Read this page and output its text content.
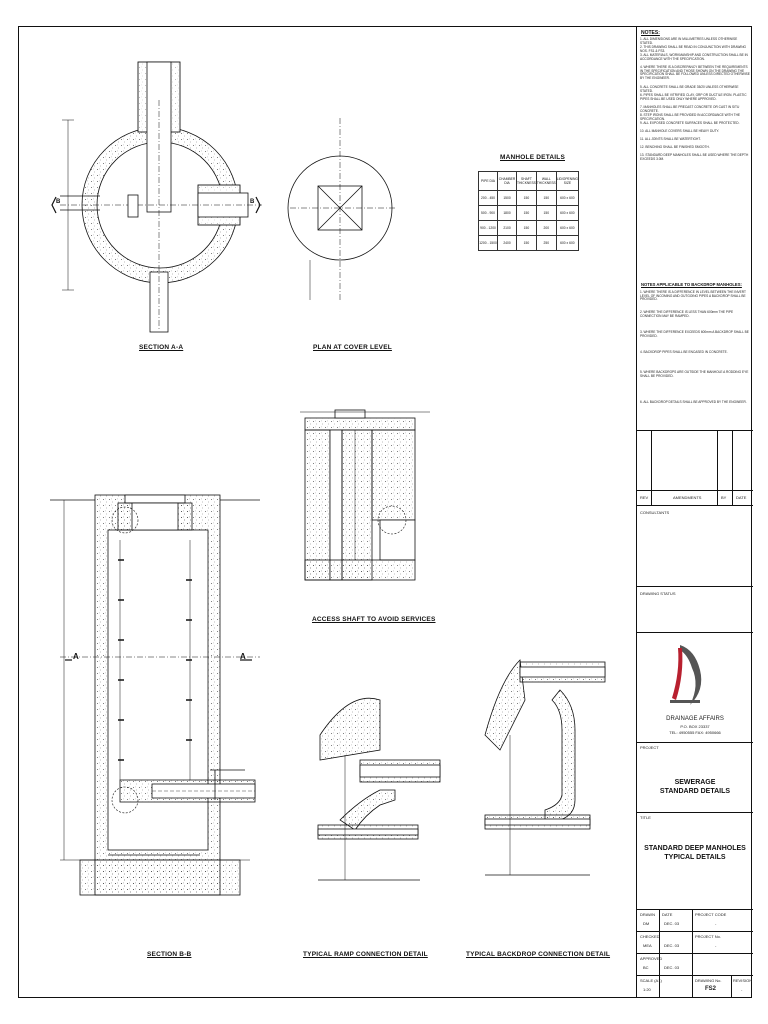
SECTION A-A	PLAN AT COVER LEVEL
MANHOLE DETAILS
ACCESS SHAFT TO AVOID SERVICES
SECTION B-B	TYPICAL RAMP CONNECTION DETAIL	TYPICAL BACKDROP CONNECTION DETAIL
A	A
B	B
PIPE DIA	CHAMBER DIA	SHAFT THICKNESS	WALL THICKNESS	LID/OPENING SIZE
200 - 450	1500	150	150	600 x 600
500 - 900	1800	150	150	600 x 600
900 - 1200	2100	150	200	600 x 600
1200 - 1500	2400	150	250	600 x 600
NOTES:
1. ALL DIMENSIONS ARE IN MILLIMETRES UNLESS OTHERWISE STATED.
2. THIS DRAWING SHALL BE READ IN CONJUNCTION WITH DRAWING NOS. FS1 & FS3.
3. ALL MATERIALS, WORKMANSHIP AND CONSTRUCTION SHALL BE IN ACCORDANCE WITH THE SPECIFICATION.
4. WHERE THERE IS A DISCREPANCY BETWEEN THE REQUIREMENTS IN THE SPECIFICATION AND THOSE SHOWN ON THE DRAWING THE SPECIFICATION SHALL BE FOLLOWED UNLESS DIRECTED OTHERWISE BY THE ENGINEER.
5. ALL CONCRETE SHALL BE GRADE 35/20 UNLESS OTHERWISE STATED.
6. PIPES SHALL BE VITRIFIED CLAY, GRP OR DUCTILE IRON. PLASTIC PIPES SHALL BE USED ONLY WHERE APPROVED.
7. MANHOLES SHALL BE PRECAST CONCRETE OR CAST IN SITU CONCRETE.
8. STEP IRONS SHALL BE PROVIDED IN ACCORDANCE WITH THE SPECIFICATION.
9. ALL EXPOSED CONCRETE SURFACES SHALL BE PROTECTED.
10. ALL MANHOLE COVERS SHALL BE HEAVY DUTY.
11. ALL JOINTS SHALL BE WATERTIGHT.
12. BENCHING SHALL BE FINISHED SMOOTH.
13. STANDARD DEEP MANHOLES SHALL BE USED WHERE THE DEPTH EXCEEDS 3.0M.
NOTES APPLICABLE TO BACKDROP MANHOLES:
1. WHERE THERE IS A DIFFERENCE IN LEVEL BETWEEN THE INVERT LEVEL OF INCOMING AND OUTGOING PIPES A BACKDROP SHALL BE PROVIDED.
2. WHERE THE DIFFERENCE IS LESS THAN 600mm THE PIPE CONNECTION MAY BE RAMPED.
3. WHERE THE DIFFERENCE EXCEEDS 600mm A BACKDROP SHALL BE PROVIDED.
4. BACKDROP PIPES SHALL BE ENCASED IN CONCRETE.
5. WHERE BACKDROPS ARE OUTSIDE THE MANHOLE A RODDING EYE SHALL BE PROVIDED.
6. ALL BACKDROP DETAILS SHALL BE APPROVED BY THE ENGINEER.
REV	AMENDMENTS	BY DATE
CONSULTANTS
DRAWING STATUS
DRAINAGE AFFAIRS
P.O. BOX 23337
TEL: 4950555 FAX: 4950666
PROJECT
SEWERAGE
STANDARD DETAILS
TITLE
STANDARD DEEP MANHOLES
TYPICAL DETAILS
DRAWN
DM
DATE
DEC. 03
PROJECT CODE
-
CHECKED
MEA	DEC. 03
PROJECT No.
-
APPROVED
BC	DEC. 03
SCALE (A1)
1:20
DRAWING No.
FS2
REVISION
-
